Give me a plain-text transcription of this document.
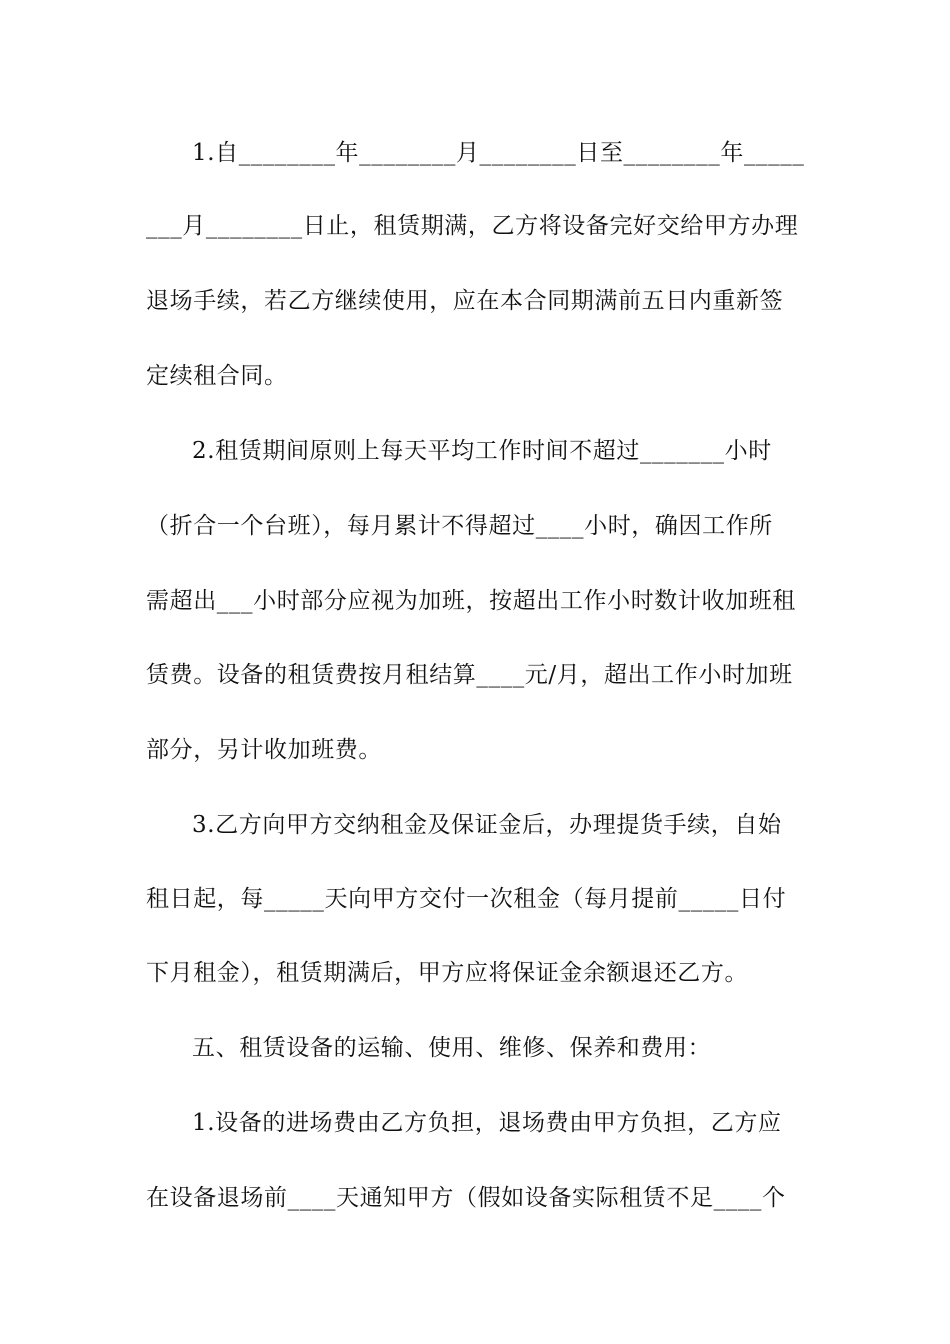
1.自________年________月________日至________年_____
___月________日止，租赁期满，乙方将设备完好交给甲方办理
退场手续，若乙方继续使用，应在本合同期满前五日内重新签
定续租合同。
2.租赁期间原则上每天平均工作时间不超过_______小时
（折合一个台班），每月累计不得超过____小时，确因工作所
需超出___小时部分应视为加班，按超出工作小时数计收加班租
赁费。设备的租赁费按月租结算____元/月，超出工作小时加班
部分，另计收加班费。
3.乙方向甲方交纳租金及保证金后，办理提货手续，自始
租日起，每_____天向甲方交付一次租金（每月提前_____日付
下月租金），租赁期满后，甲方应将保证金余额退还乙方。
五、租赁设备的运输、使用、维修、保养和费用：
1.设备的进场费由乙方负担，退场费由甲方负担，乙方应
在设备退场前____天通知甲方（假如设备实际租赁不足____个
